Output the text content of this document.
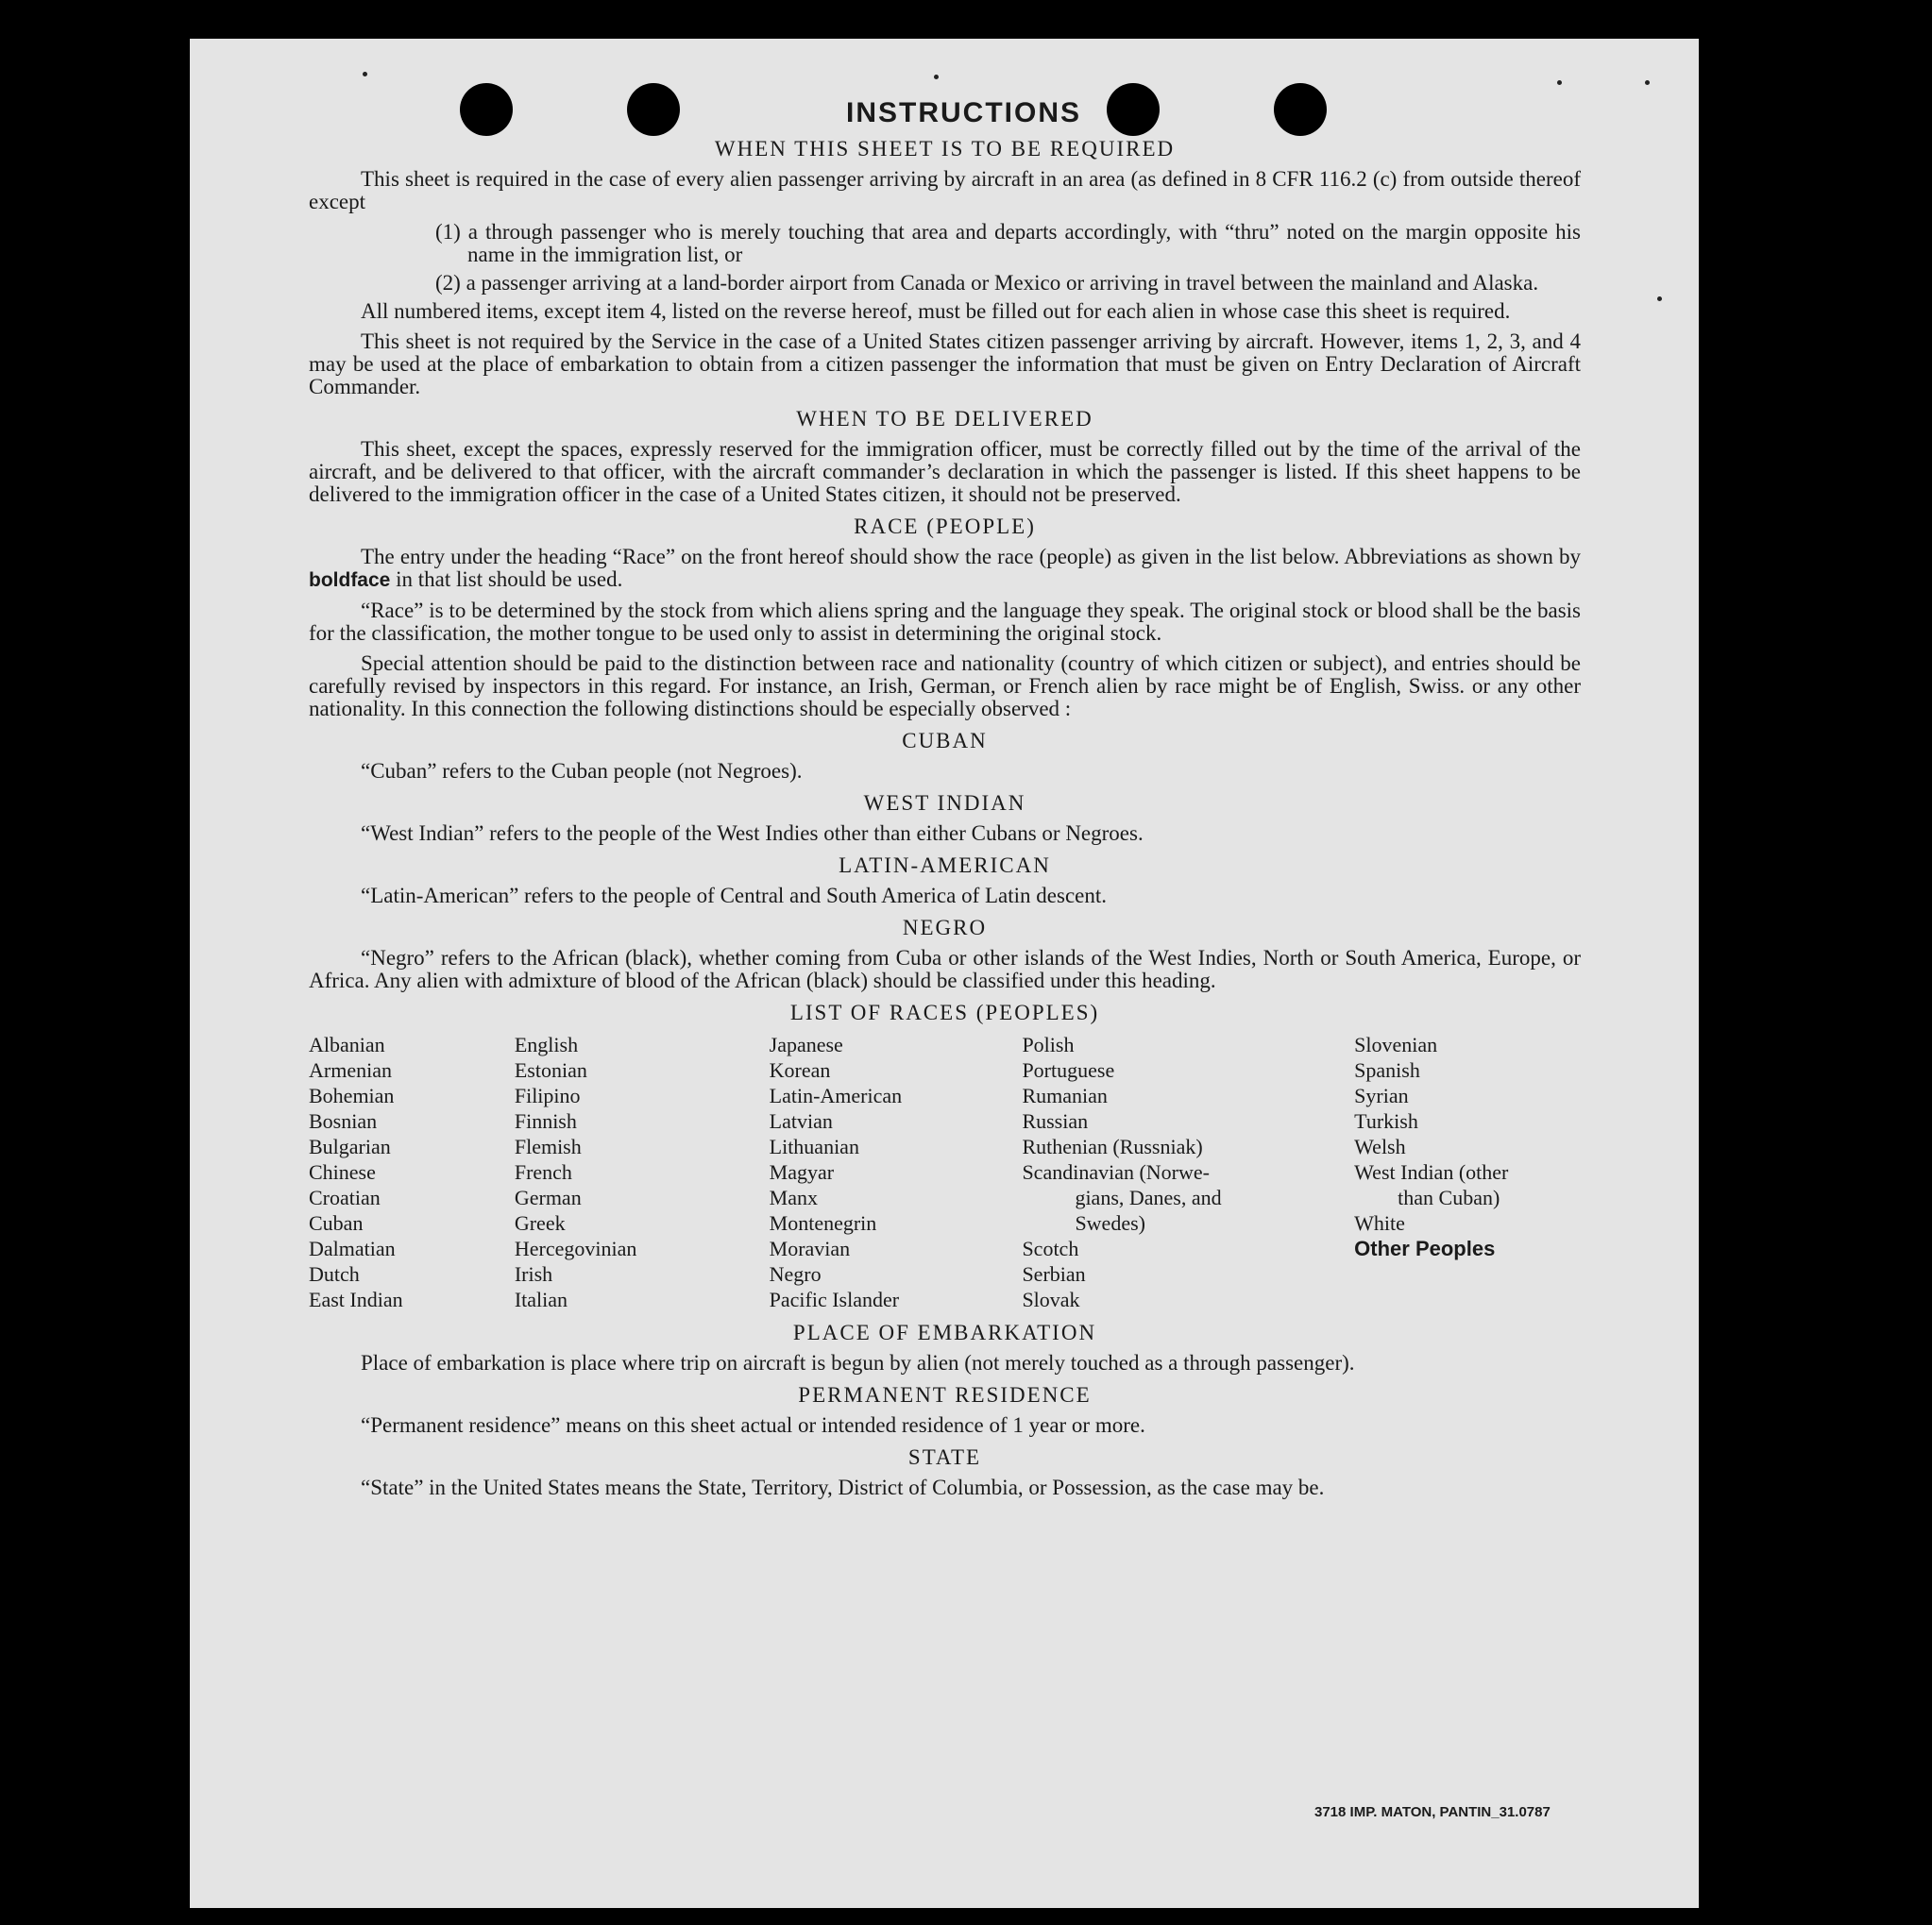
INSTRUCTIONS
WHEN THIS SHEET IS TO BE REQUIRED

This sheet is required in the case of every alien passenger arriving by aircraft in an area (as defined in 8 CFR 116.2 (c) from outside thereof except

(1) a through passenger who is merely touching that area and departs accordingly, with “thru” noted on the margin opposite his name in the immigration list, or

(2) a passenger arriving at a land-border airport from Canada or Mexico or arriving in travel between the mainland and Alaska.

All numbered items, except item 4, listed on the reverse hereof, must be filled out for each alien in whose case this sheet is required.

This sheet is not required by the Service in the case of a United States citizen passenger arriving by aircraft. However, items 1, 2, 3, and 4 may be used at the place of embarkation to obtain from a citizen passenger the information that must be given on Entry Declaration of Aircraft Commander.

WHEN TO BE DELIVERED

This sheet, except the spaces, expressly reserved for the immigration officer, must be correctly filled out by the time of the arrival of the aircraft, and be delivered to that officer, with the aircraft commander’s declaration in which the passenger is listed. If this sheet happens to be delivered to the immigration officer in the case of a United States citizen, it should not be preserved.

RACE (PEOPLE)

The entry under the heading “Race” on the front hereof should show the race (people) as given in the list below. Abbreviations as shown by boldface in that list should be used.

“Race” is to be determined by the stock from which aliens spring and the language they speak. The original stock or blood shall be the basis for the classification, the mother tongue to be used only to assist in determining the original stock.

Special attention should be paid to the distinction between race and nationality (country of which citizen or subject), and entries should be carefully revised by inspectors in this regard. For instance, an Irish, German, or French alien by race might be of English, Swiss. or any other nationality. In this connection the following distinctions should be especially observed :

CUBAN

“Cuban” refers to the Cuban people (not Negroes).

WEST INDIAN

“West Indian” refers to the people of the West Indies other than either Cubans or Negroes.

LATIN-AMERICAN

“Latin-American” refers to the people of Central and South America of Latin descent.

NEGRO

“Negro” refers to the African (black), whether coming from Cuba or other islands of the West Indies, North or South America, Europe, or Africa. Any alien with admixture of blood of the African (black) should be classified under this heading.

LIST OF RACES (PEOPLES)
Albanian
Armenian
Bohemian
Bosnian
Bulgarian
Chinese
Croatian
Cuban
Dalmatian
Dutch
East Indian
English
Estonian
Filipino
Finnish
Flemish
French
German
Greek
Hercegovinian
Irish
Italian
Japanese
Korean
Latin-American
Latvian
Lithuanian
Magyar
Manx
Montenegrin
Moravian
Negro
Pacific Islander
Polish
Portuguese
Rumanian
Russian
Ruthenian (Russniak)
Scandinavian (Norwe-
gians, Danes, and
Swedes)
Scotch
Serbian
Slovak
Slovenian
Spanish
Syrian
Turkish
Welsh
West Indian (other
than Cuban)
White
Other Peoples
PLACE OF EMBARKATION

Place of embarkation is place where trip on aircraft is begun by alien (not merely touched as a through passenger).

PERMANENT RESIDENCE

“Permanent residence” means on this sheet actual or intended residence of 1 year or more.

STATE

“State” in the United States means the State, Territory, District of Columbia, or Possession, as the case may be.

3718 IMP. MATON, PANTIN_31.0787
